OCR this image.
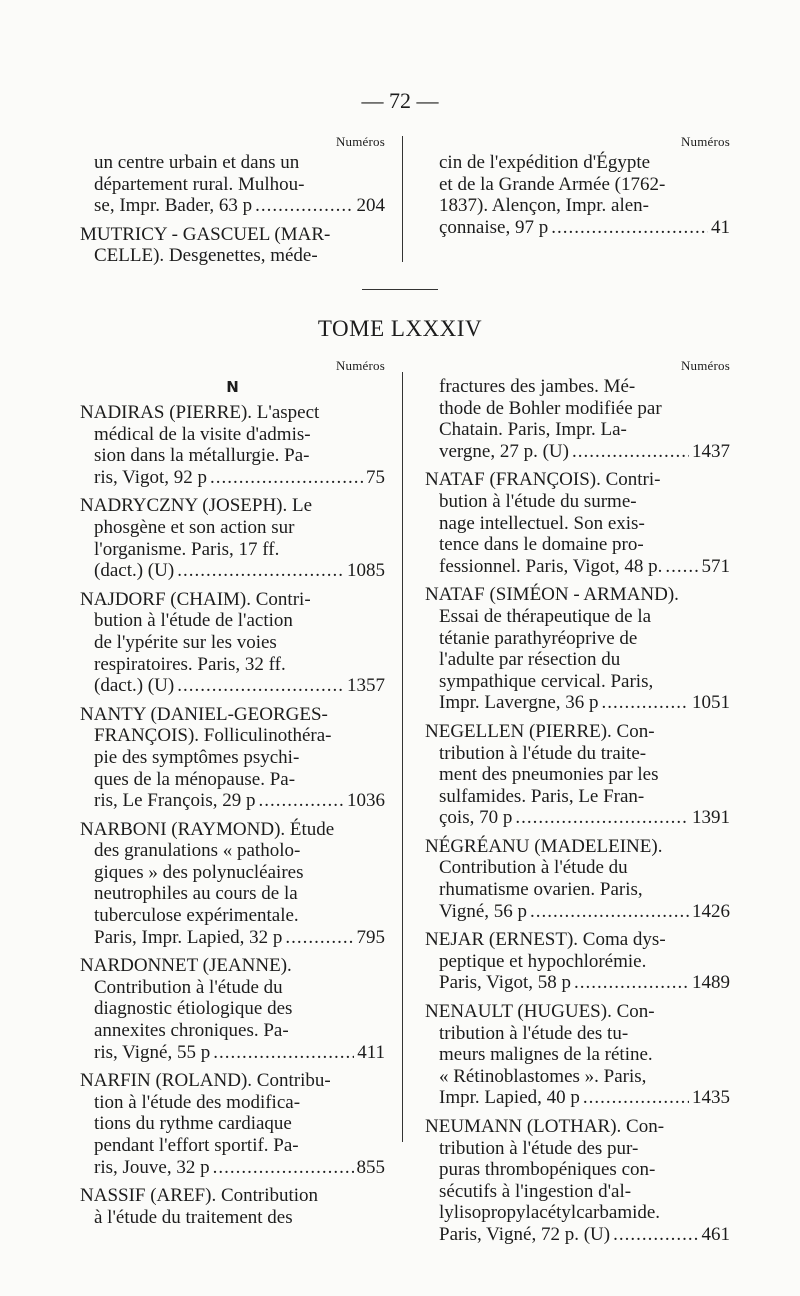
— 72 —
Numéros
un centre urbain et dans un
département rural. Mulhou-
se, Impr. Bader, 63 p .....	204
MUTRICY - GASCUEL (MAR-
CELLE). Desgenettes, méde-
Numéros
cin de l'expédition d'Égypte
et de la Grande Armée (1762-
1837). Alençon, Impr. alen-
çonnaise, 97 p .....	41
TOME LXXXIV
Numéros
N
NADIRAS (PIERRE). L'aspect
médical de la visite d'admis-
sion dans la métallurgie. Pa-
ris, Vigot, 92 p .....	75
NADRYCZNY (JOSEPH). Le
phosgène et son action sur
l'organisme. Paris, 17 ff.
(dact.) (U) .....	1085
NAJDORF (CHAIM). Contri-
bution à l'étude de l'action
de l'ypérite sur les voies
respiratoires. Paris, 32 ff.
(dact.) (U) .....	1357
NANTY (DANIEL-GEORGES-
FRANÇOIS). Folliculinothéra-
pie des symptômes psychi-
ques de la ménopause. Pa-
ris, Le François, 29 p .....	1036
NARBONI (RAYMOND). Étude
des granulations « patholo-
giques » des polynucléaires
neutrophiles au cours de la
tuberculose expérimentale.
Paris, Impr. Lapied, 32 p .....	795
NARDONNET (JEANNE).
Contribution à l'étude du
diagnostic étiologique des
annexites chroniques. Pa-
ris, Vigné, 55 p .....	411
NARFIN (ROLAND). Contribu-
tion à l'étude des modifica-
tions du rythme cardiaque
pendant l'effort sportif. Pa-
ris, Jouve, 32 p .....	855
NASSIF (AREF). Contribution
à l'étude du traitement des
Numéros
fractures des jambes. Mé-
thode de Bohler modifiée par
Chatain. Paris, Impr. La-
vergne, 27 p. (U) .....	1437
NATAF (FRANÇOIS). Contri-
bution à l'étude du surme-
nage intellectuel. Son exis-
tence dans le domaine pro-
fessionnel. Paris, Vigot, 48 p. ..... 571
NATAF (SIMÉON - ARMAND).
Essai de thérapeutique de la
tétanie parathyréoprive de
l'adulte par résection du
sympathique cervical. Paris,
Impr. Lavergne, 36 p .....	1051
NEGELLEN (PIERRE). Con-
tribution à l'étude du traite-
ment des pneumonies par les
sulfamides. Paris, Le Fran-
çois, 70 p .....	1391
NÉGRÉANU (MADELEINE).
Contribution à l'étude du
rhumatisme ovarien. Paris,
Vigné, 56 p .....	1426
NEJAR (ERNEST). Coma dys-
peptique et hypochlorémie.
Paris, Vigot, 58 p .....	1489
NENAULT (HUGUES). Con-
tribution à l'étude des tu-
meurs malignes de la rétine.
« Rétinoblastomes ». Paris,
Impr. Lapied, 40 p .....	1435
NEUMANN (LOTHAR). Con-
tribution à l'étude des pur-
puras thrombopéniques con-
sécutifs à l'ingestion d'al-
lylisopropylacétylcarbamide.
Paris, Vigné, 72 p. (U) .....	461
